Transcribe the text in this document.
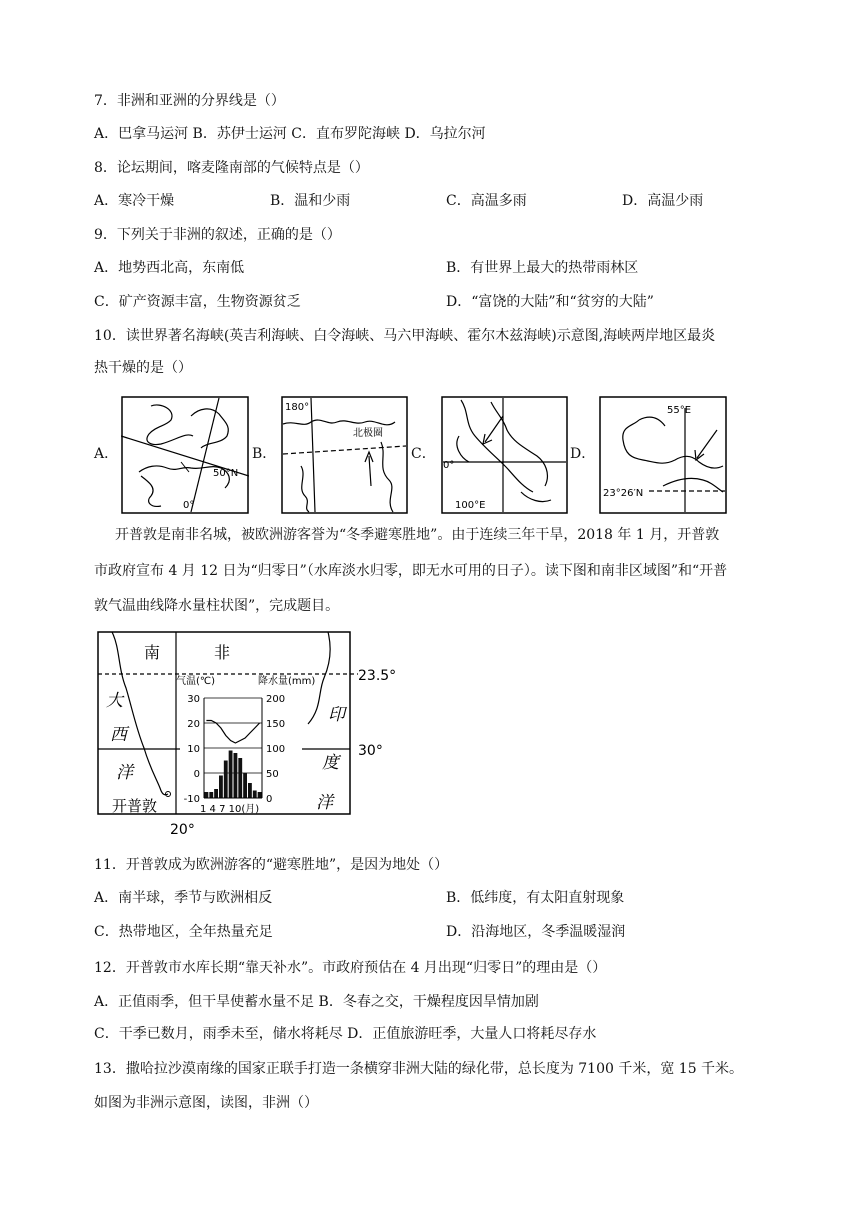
7．非洲和亚洲的分界线是（）
A．巴拿马运河 B．苏伊士运河 C．直布罗陀海峡 D．乌拉尔河
8．论坛期间，喀麦隆南部的气候特点是（）
A．寒冷干燥	B．温和少雨	C．高温多雨	D．高温少雨
9．下列关于非洲的叙述，正确的是（）
A．地势西北高，东南低	B．有世界上最大的热带雨林区
C．矿产资源丰富，生物资源贫乏	D．“富饶的大陆”和“贫穷的大陆”
10．读世界著名海峡(英吉利海峡、白令海峡、马六甲海峡、霍尔木兹海峡)示意图,海峡两岸地区最炎
热干燥的是（）
A．	B．	C．	D．
50°N
0°
180°
北极圈
0°
100°E
55°E
23°26′N
开普敦是南非名城，被欧洲游客誉为“冬季避寒胜地”。由于连续三年干旱，2018 年 1 月，开普敦
市政府宣布 4 月 12 日为“归零日”（水库淡水归零，即无水可用的日子）。读下图和南非区域图”和“开普
敦气温曲线降水量柱状图”，完成题目。
南	非
23.5°
30°
20°
大
西
洋
印
度
洋
开普敦
气温(℃)	降水量(mm)
30	200
20	150
10	100
0	50
-10	0
1 4 7 10(月)
11．开普敦成为欧洲游客的“避寒胜地”，是因为地处（）
A．南半球，季节与欧洲相反	B．低纬度，有太阳直射现象
C．热带地区，全年热量充足	D．沿海地区，冬季温暖湿润
12．开普敦市水库长期“靠天补水”。市政府预估在 4 月出现“归零日”的理由是（）
A．正值雨季，但干旱使蓄水量不足 B．冬春之交，干燥程度因旱情加剧
C．干季已数月，雨季未至，储水将耗尽 D．正值旅游旺季，大量人口将耗尽存水
13．撒哈拉沙漠南缘的国家正联手打造一条横穿非洲大陆的绿化带，总长度为 7100 千米，宽 15 千米。
如图为非洲示意图，读图，非洲（）
